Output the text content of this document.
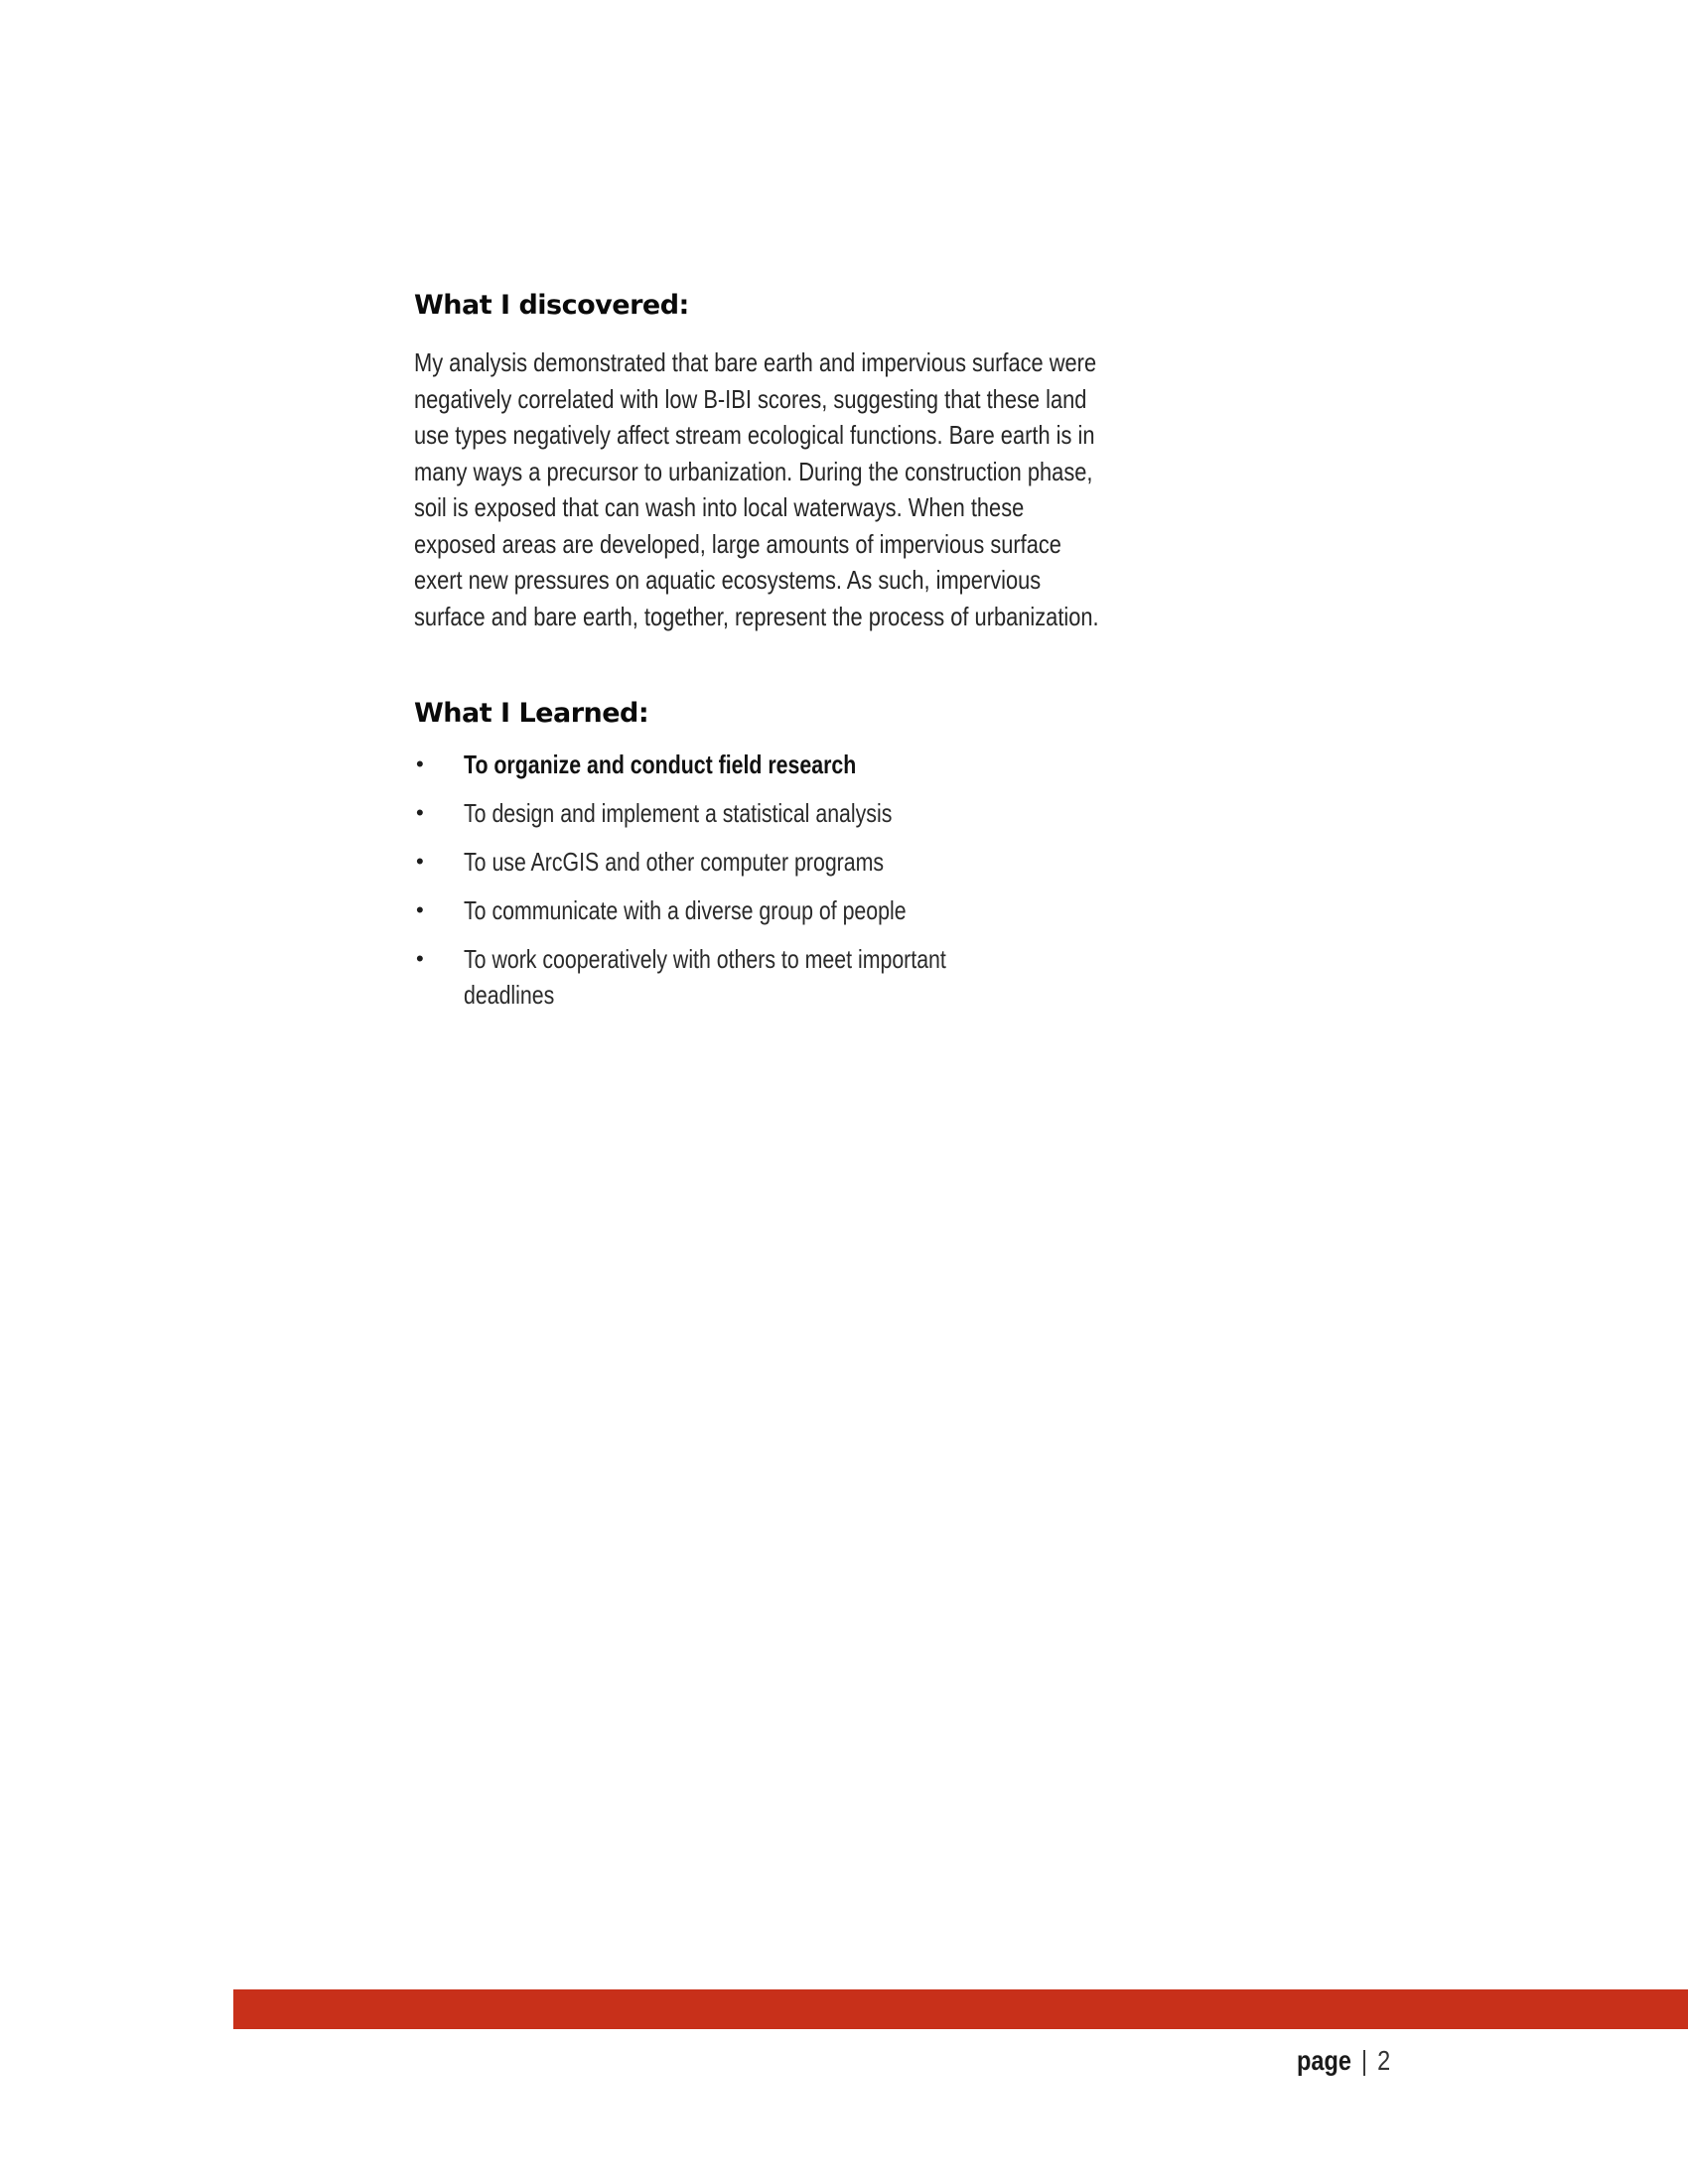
What I discovered:

My analysis demonstrated that bare earth and impervious surface were negatively correlated with low B-IBI scores, suggesting that these land use types negatively affect stream ecological functions. Bare earth is in many ways a precursor to urbanization. During the construction phase, soil is exposed that can wash into local waterways. When these exposed areas are developed, large amounts of impervious surface exert new pressures on aquatic ecosystems. As such, impervious surface and bare earth, together, represent the process of urbanization.

What I Learned:
• To organize and conduct field research
• To design and implement a statistical analysis
• To use ArcGIS and other computer programs
• To communicate with a diverse group of people
• To work cooperatively with others to meet important deadlines
page | 2
